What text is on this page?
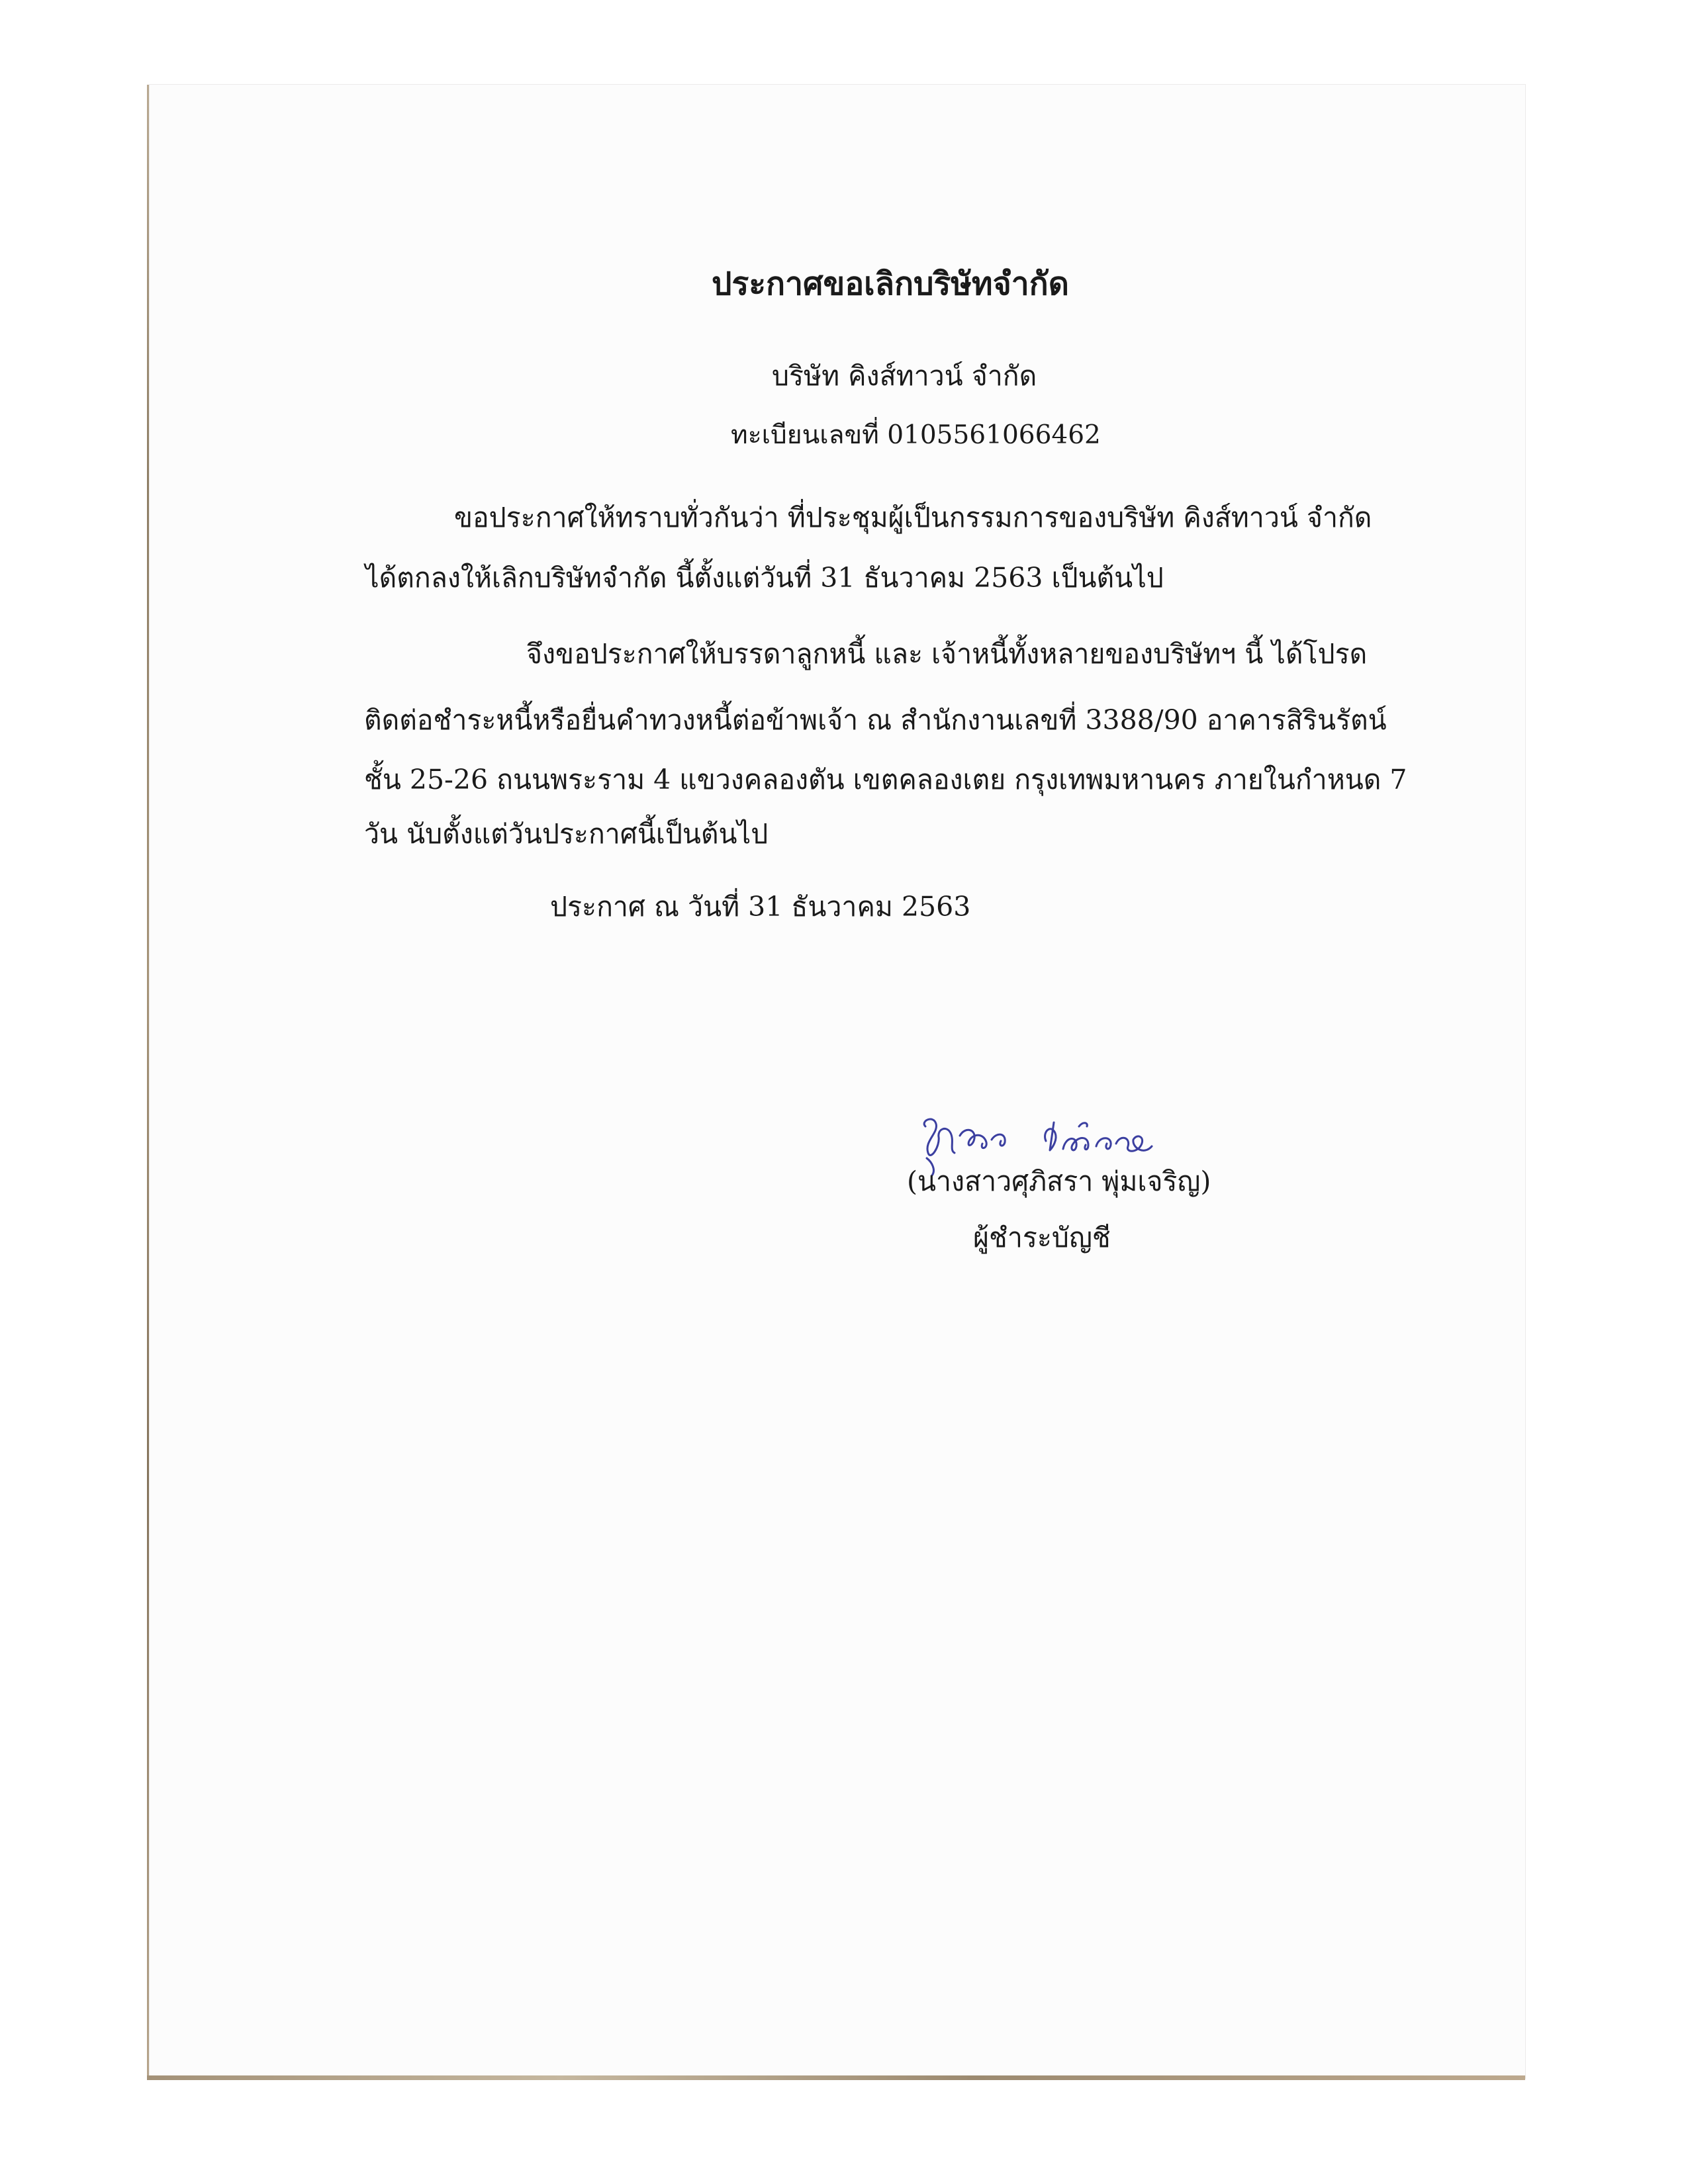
ประกาศขอเลิกบริษัทจำกัด

บริษัท คิงส์ทาวน์ จำกัด

ทะเบียนเลขที่ 0105561066462

ขอประกาศให้ทราบทั่วกันว่า ที่ประชุมผู้เป็นกรรมการของบริษัท คิงส์ทาวน์ จำกัด

ได้ตกลงให้เลิกบริษัทจำกัด นี้ตั้งแต่วันที่ 31 ธันวาคม 2563 เป็นต้นไป

จึงขอประกาศให้บรรดาลูกหนี้ และ เจ้าหนี้ทั้งหลายของบริษัทฯ นี้ ได้โปรด

ติดต่อชำระหนี้หรือยื่นคำทวงหนี้ต่อข้าพเจ้า ณ สำนักงานเลขที่ 3388/90 อาคารสิรินรัตน์

ชั้น 25-26 ถนนพระราม 4 แขวงคลองตัน เขตคลองเตย กรุงเทพมหานคร ภายในกำหนด 7

วัน นับตั้งแต่วันประกาศนี้เป็นต้นไป

ประกาศ ณ วันที่ 31 ธันวาคม 2563

(นางสาวศุภิสรา พุ่มเจริญ)

ผู้ชำระบัญชี
